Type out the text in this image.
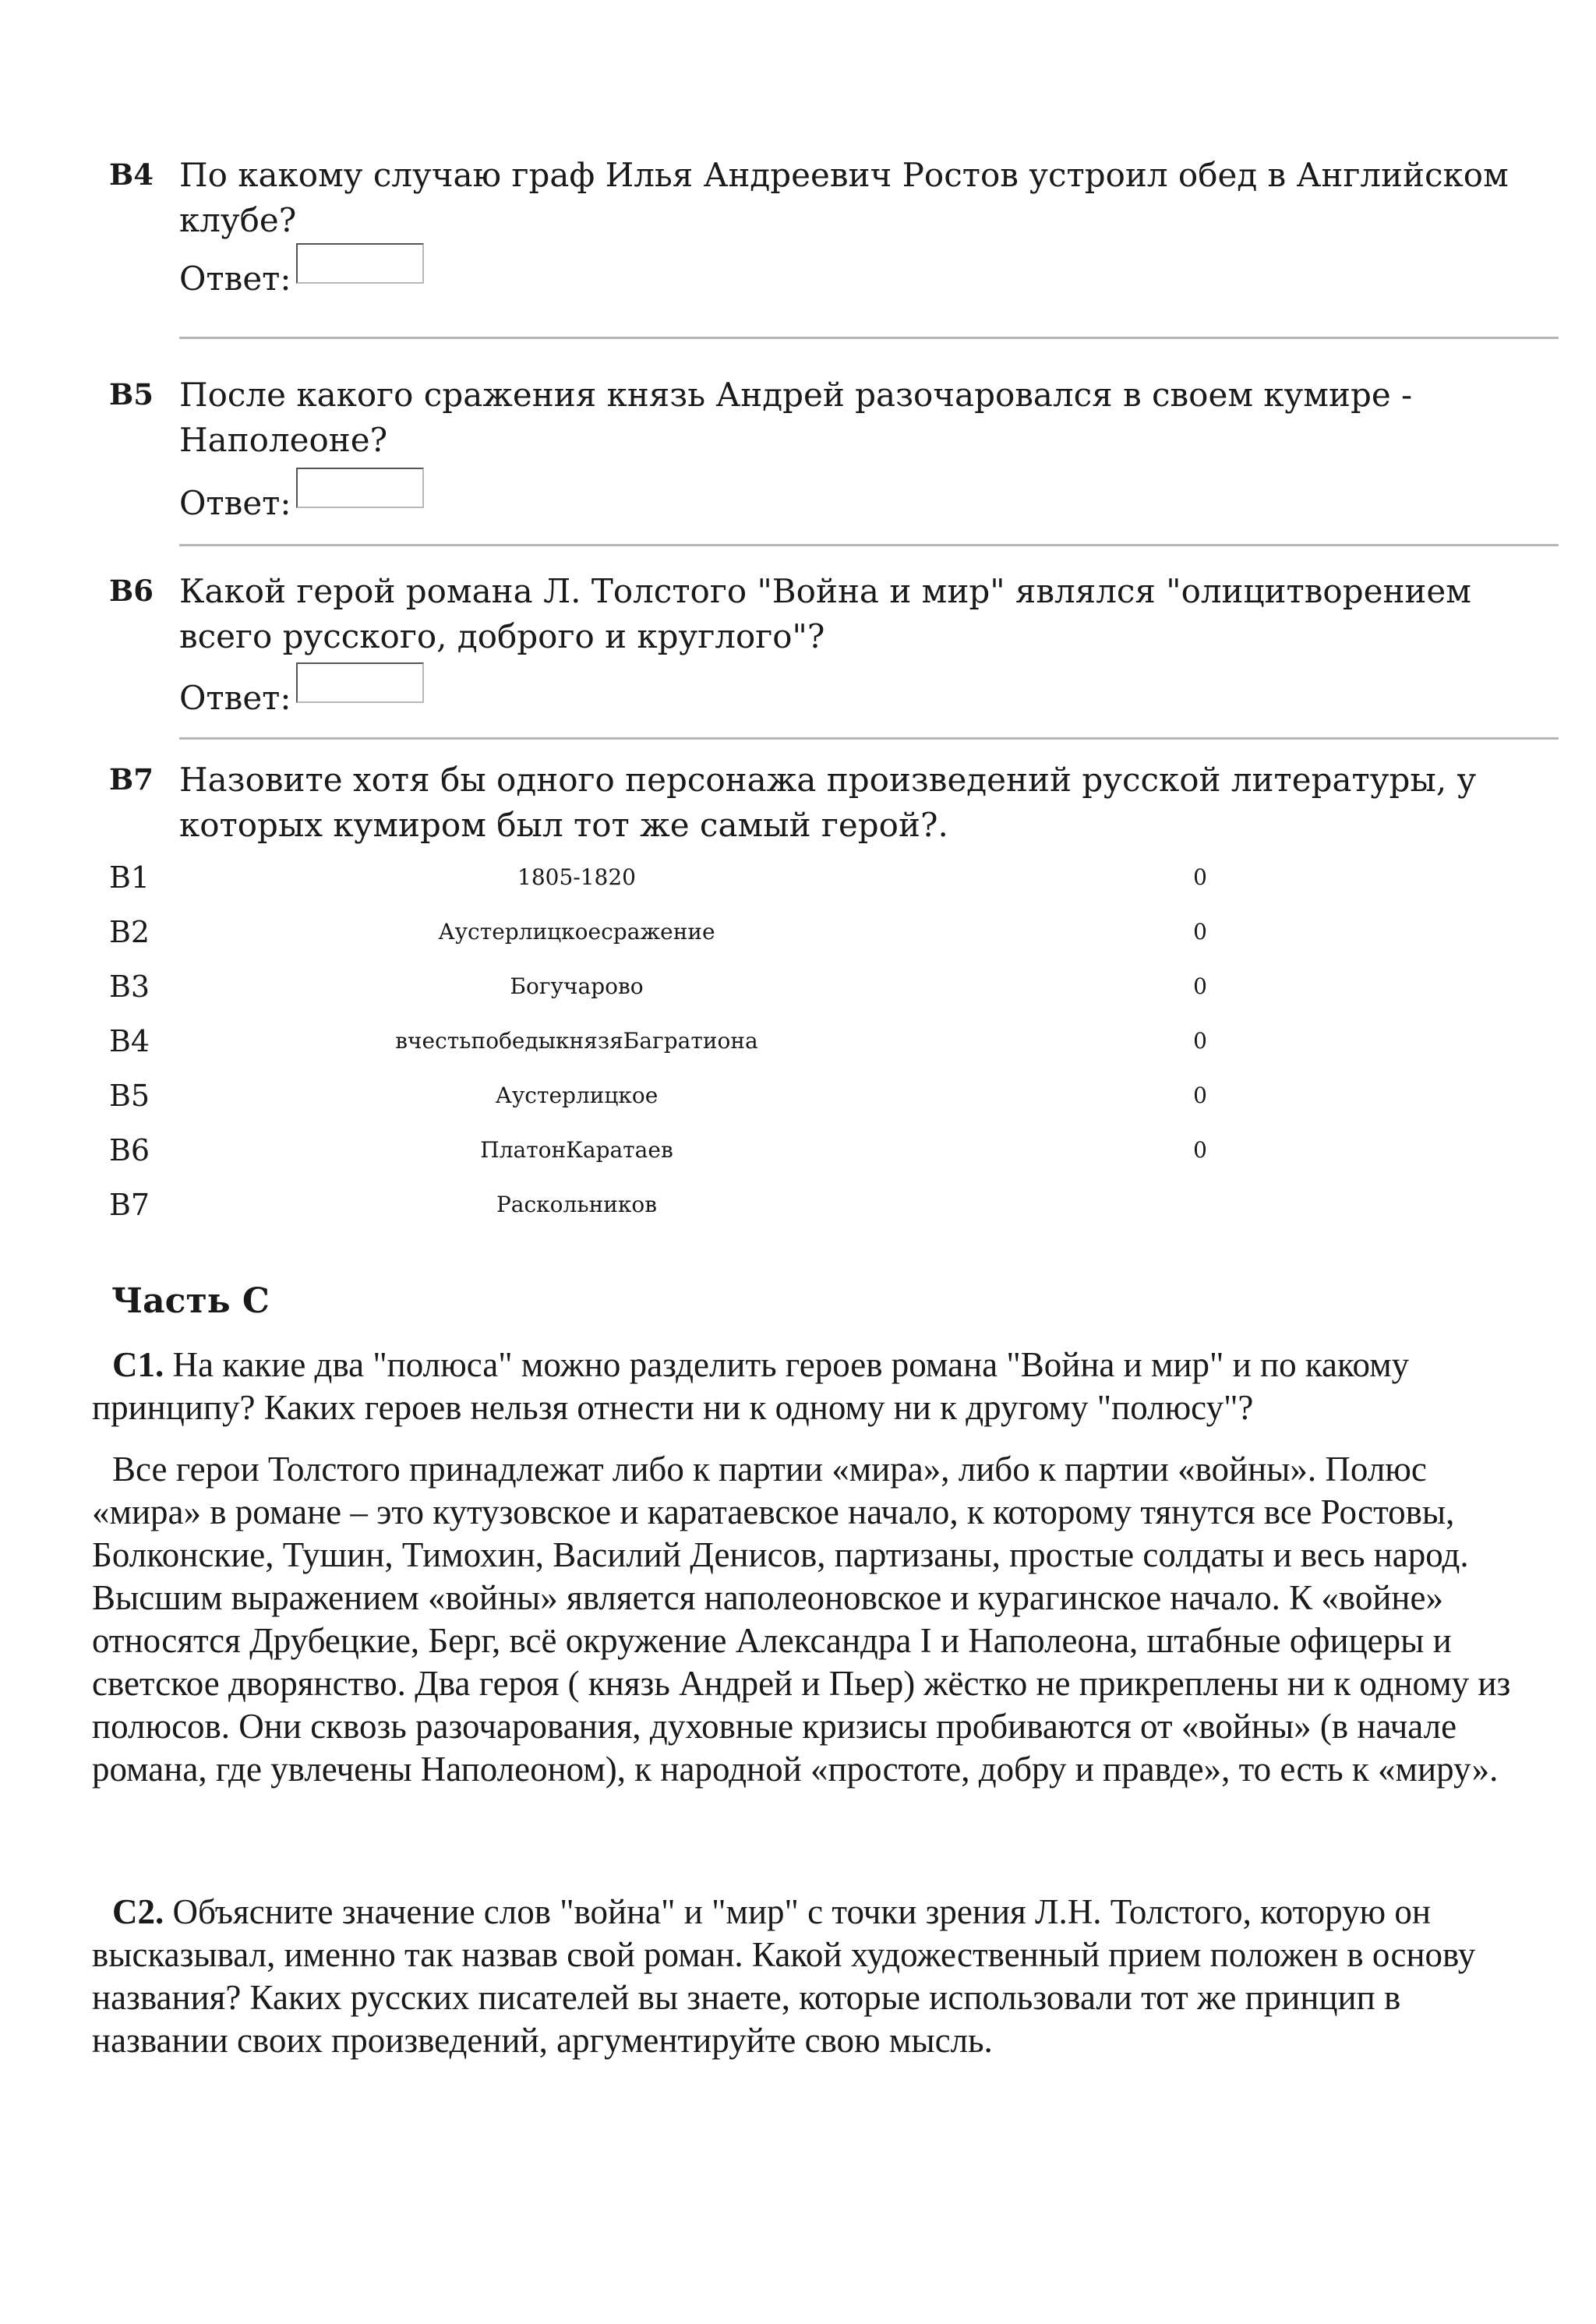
B4 По какому случаю граф Илья Андреевич Ростов устроил обед в Английском клубе?
Ответ:
B5 После какого сражения князь Андрей разочаровался в своем кумире - Наполеоне?
Ответ:
B6 Какой герой романа Л. Толстого "Война и мир" являлся "олицитворением всего русского, доброго и круглого"?
Ответ:
B7 Назовите хотя бы одного персонажа произведений русской литературы, у которых кумиром был тот же самый герой?.
B1	1805-1820	0
B2	Аустерлицкоесражение	0
B3	Богучарово	0
B4	вчестьпобедыкнязяБагратиона	0
B5	Аустерлицкое	0
B6	ПлатонКаратаев	0
B7	Раскольников
Часть С
С1. На какие два "полюса" можно разделить героев романа "Война и мир" и по какому принципу? Каких героев нельзя отнести ни к одному ни к другому "полюсу"?
Все герои Толстого принадлежат либо к партии «мира», либо к партии «войны». Полюс «мира» в романе – это кутузовское и каратаевское начало, к которому тянутся все Ростовы, Болконские, Тушин, Тимохин, Василий Денисов, партизаны, простые солдаты и весь народ. Высшим выражением «войны» является наполеоновское и курагинское начало. К «войне» относятся Друбецкие, Берг, всё окружение Александра I и Наполеона, штабные офицеры и светское дворянство. Два героя ( князь Андрей и Пьер) жёстко не прикреплены ни к одному из полюсов. Они сквозь разочарования, духовные кризисы пробиваются от «войны» (в начале романа, где увлечены Наполеоном), к народной «простоте, добру и правде», то есть к «миру».
С2. Объясните значение слов "война" и "мир" с точки зрения Л.Н. Толстого, которую он высказывал, именно так назвав свой роман. Какой художественный прием положен в основу названия? Каких русских писателей вы знаете, которые использовали тот же принцип в названии своих произведений, аргументируйте свою мысль.
